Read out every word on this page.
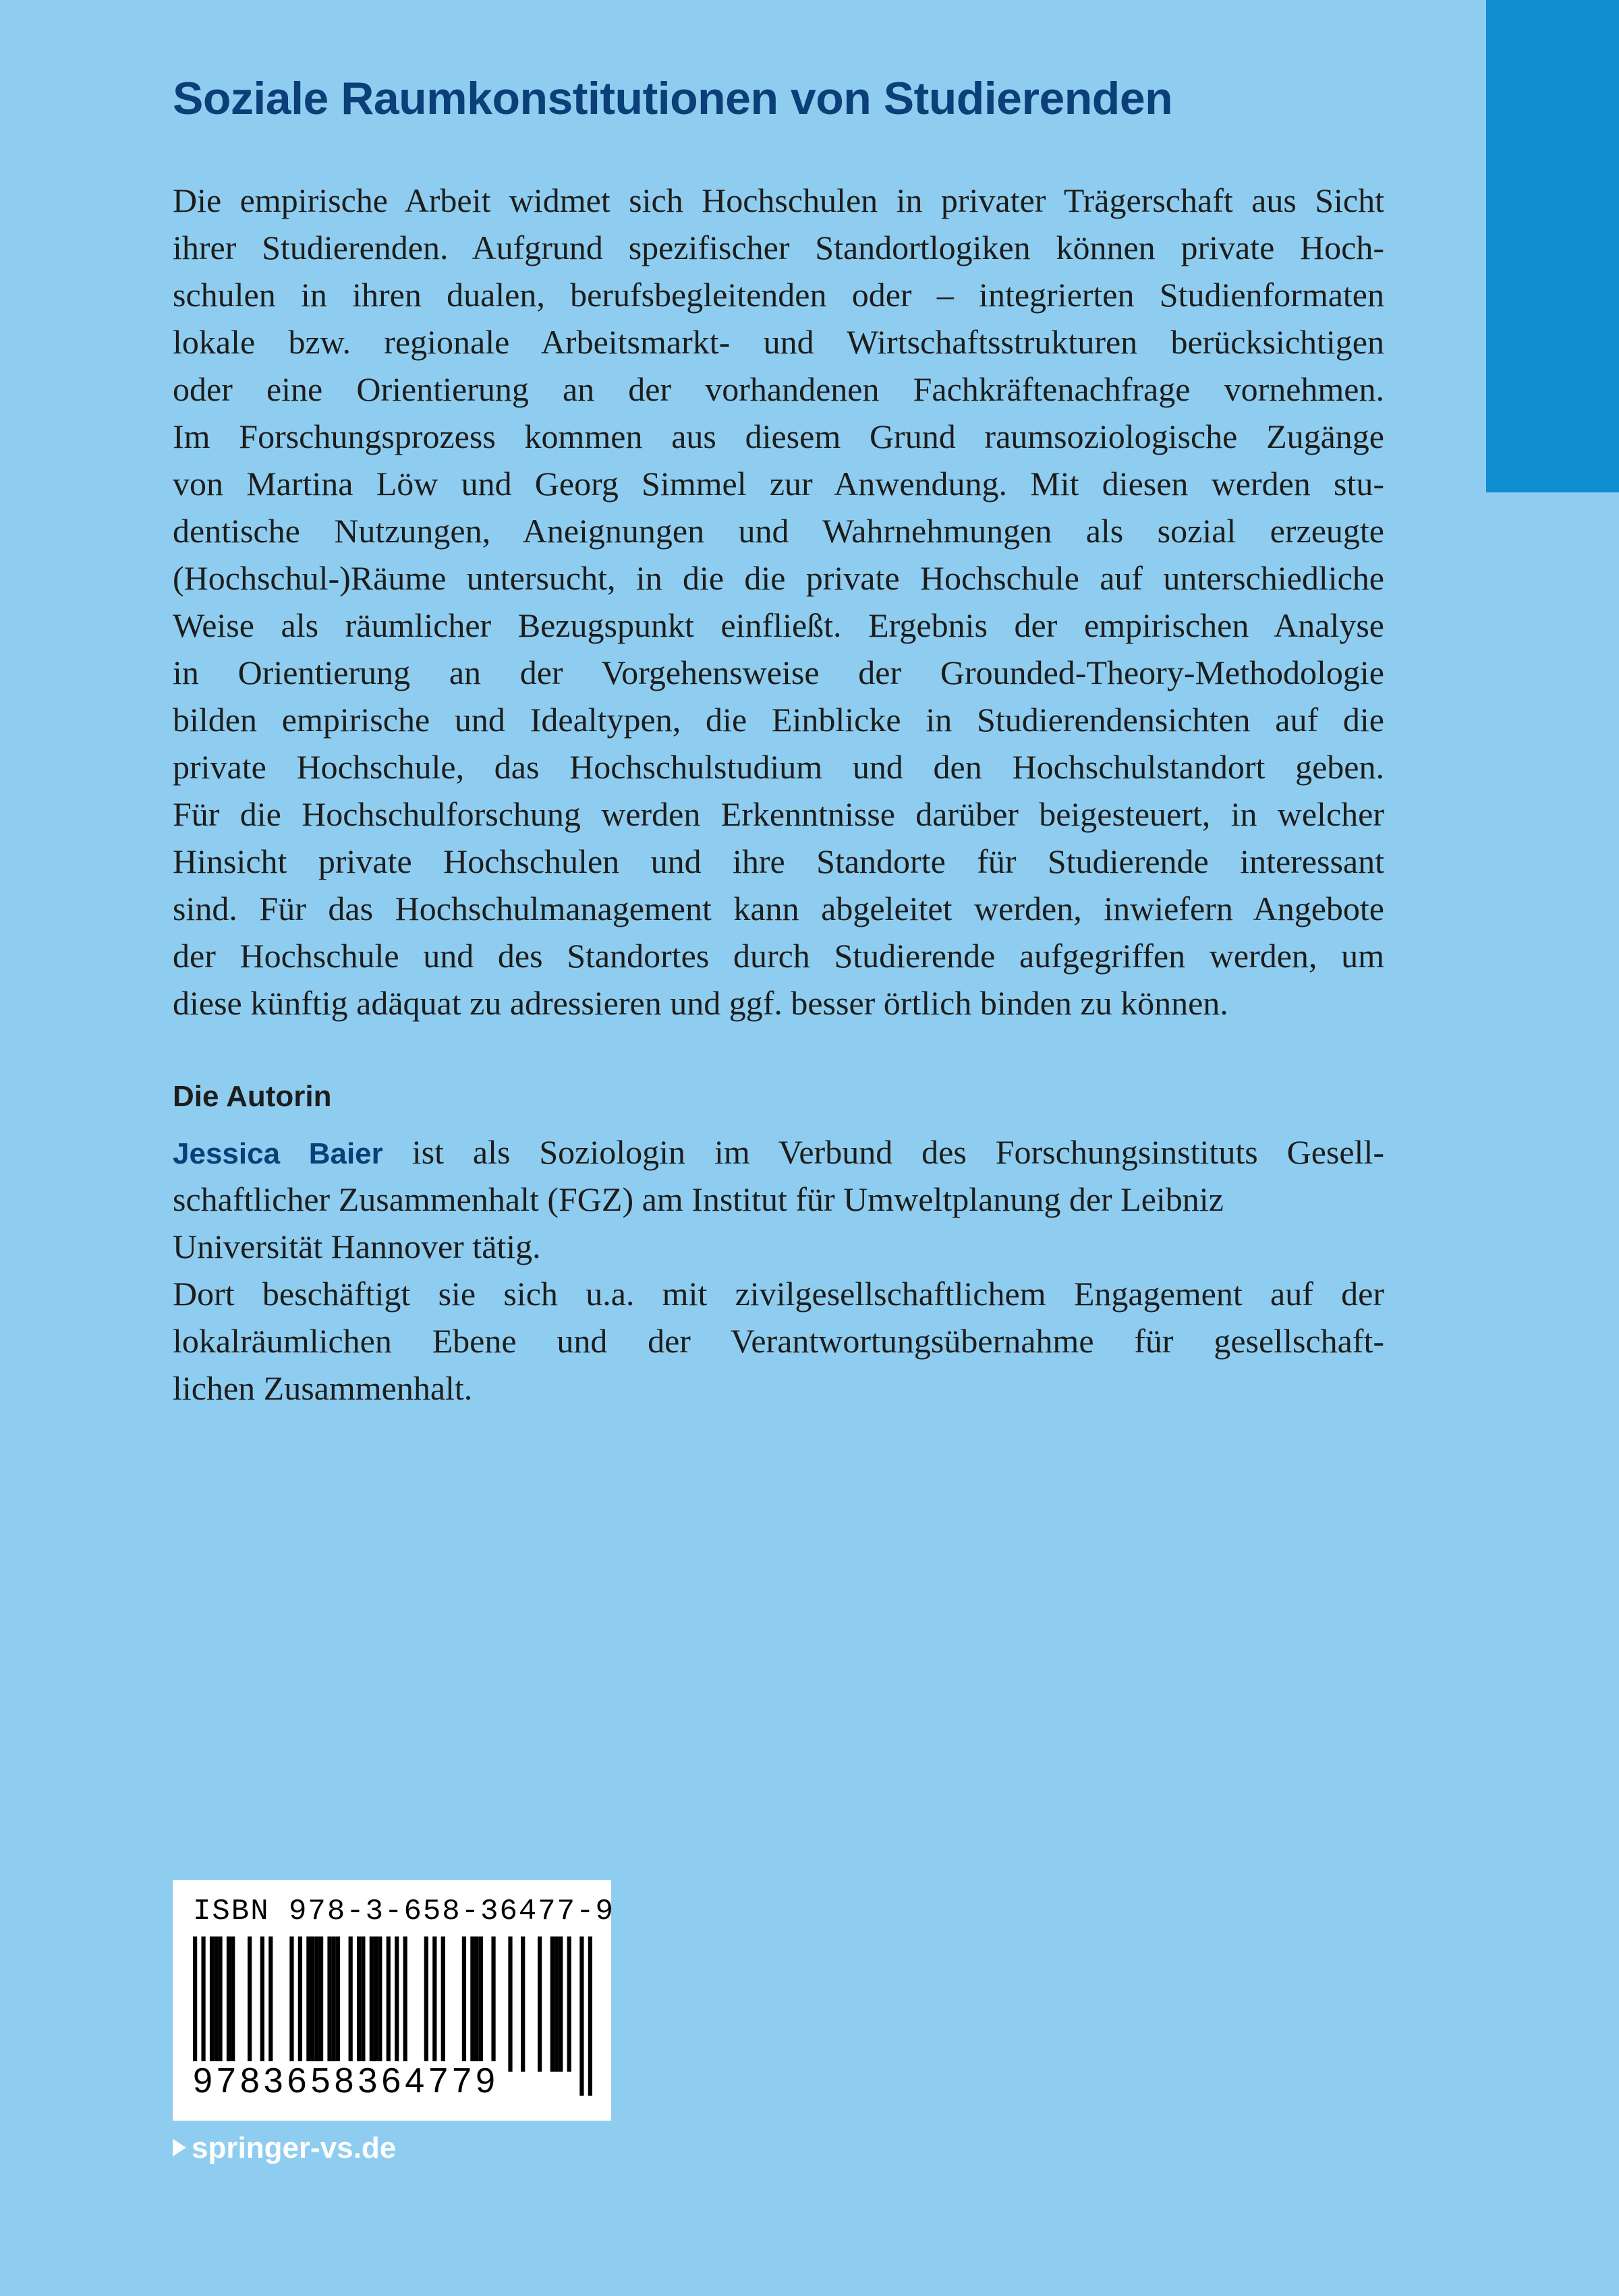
Soziale Raumkonstitutionen von Studierenden
Die empirische Arbeit widmet sich Hochschulen in privater Trägerschaft aus Sicht
ihrer Studierenden. Aufgrund spezifischer Standortlogiken können private Hoch-
schulen in ihren dualen, berufsbegleitenden oder – integrierten Studienformaten
lokale bzw. regionale Arbeitsmarkt- und Wirtschaftsstrukturen berücksichtigen
oder eine Orientierung an der vorhandenen Fachkräftenachfrage vornehmen.
Im Forschungsprozess kommen aus diesem Grund raumsoziologische Zugänge
von Martina Löw und Georg Simmel zur Anwendung. Mit diesen werden stu-
dentische Nutzungen, Aneignungen und Wahrnehmungen als sozial erzeugte
(Hochschul-)Räume untersucht, in die die private Hochschule auf unterschiedliche
Weise als räumlicher Bezugspunkt einfließt. Ergebnis der empirischen Analyse
in Orientierung an der Vorgehensweise der Grounded-Theory-Methodologie
bilden empirische und Idealtypen, die Einblicke in Studierendensichten auf die
private Hochschule, das Hochschulstudium und den Hochschulstandort geben.
Für die Hochschulforschung werden Erkenntnisse darüber beigesteuert, in welcher
Hinsicht private Hochschulen und ihre Standorte für Studierende interessant
sind. Für das Hochschulmanagement kann abgeleitet werden, inwiefern Angebote
der Hochschule und des Standortes durch Studierende aufgegriffen werden, um
diese künftig adäquat zu adressieren und ggf. besser örtlich binden zu können.
Die Autorin
Jessica Baier ist als Soziologin im Verbund des Forschungsinstituts Gesell-
schaftlicher Zusammenhalt (FGZ) am Institut für Umweltplanung der Leibniz
Universität Hannover tätig.
Dort beschäftigt sie sich u.a. mit zivilgesellschaftlichem Engagement auf der
lokalräumlichen Ebene und der Verantwortungsübernahme für gesellschaft-
lichen Zusammenhalt.
ISBN 978-3-658-36477-9
9783658364779
springer-vs.de
